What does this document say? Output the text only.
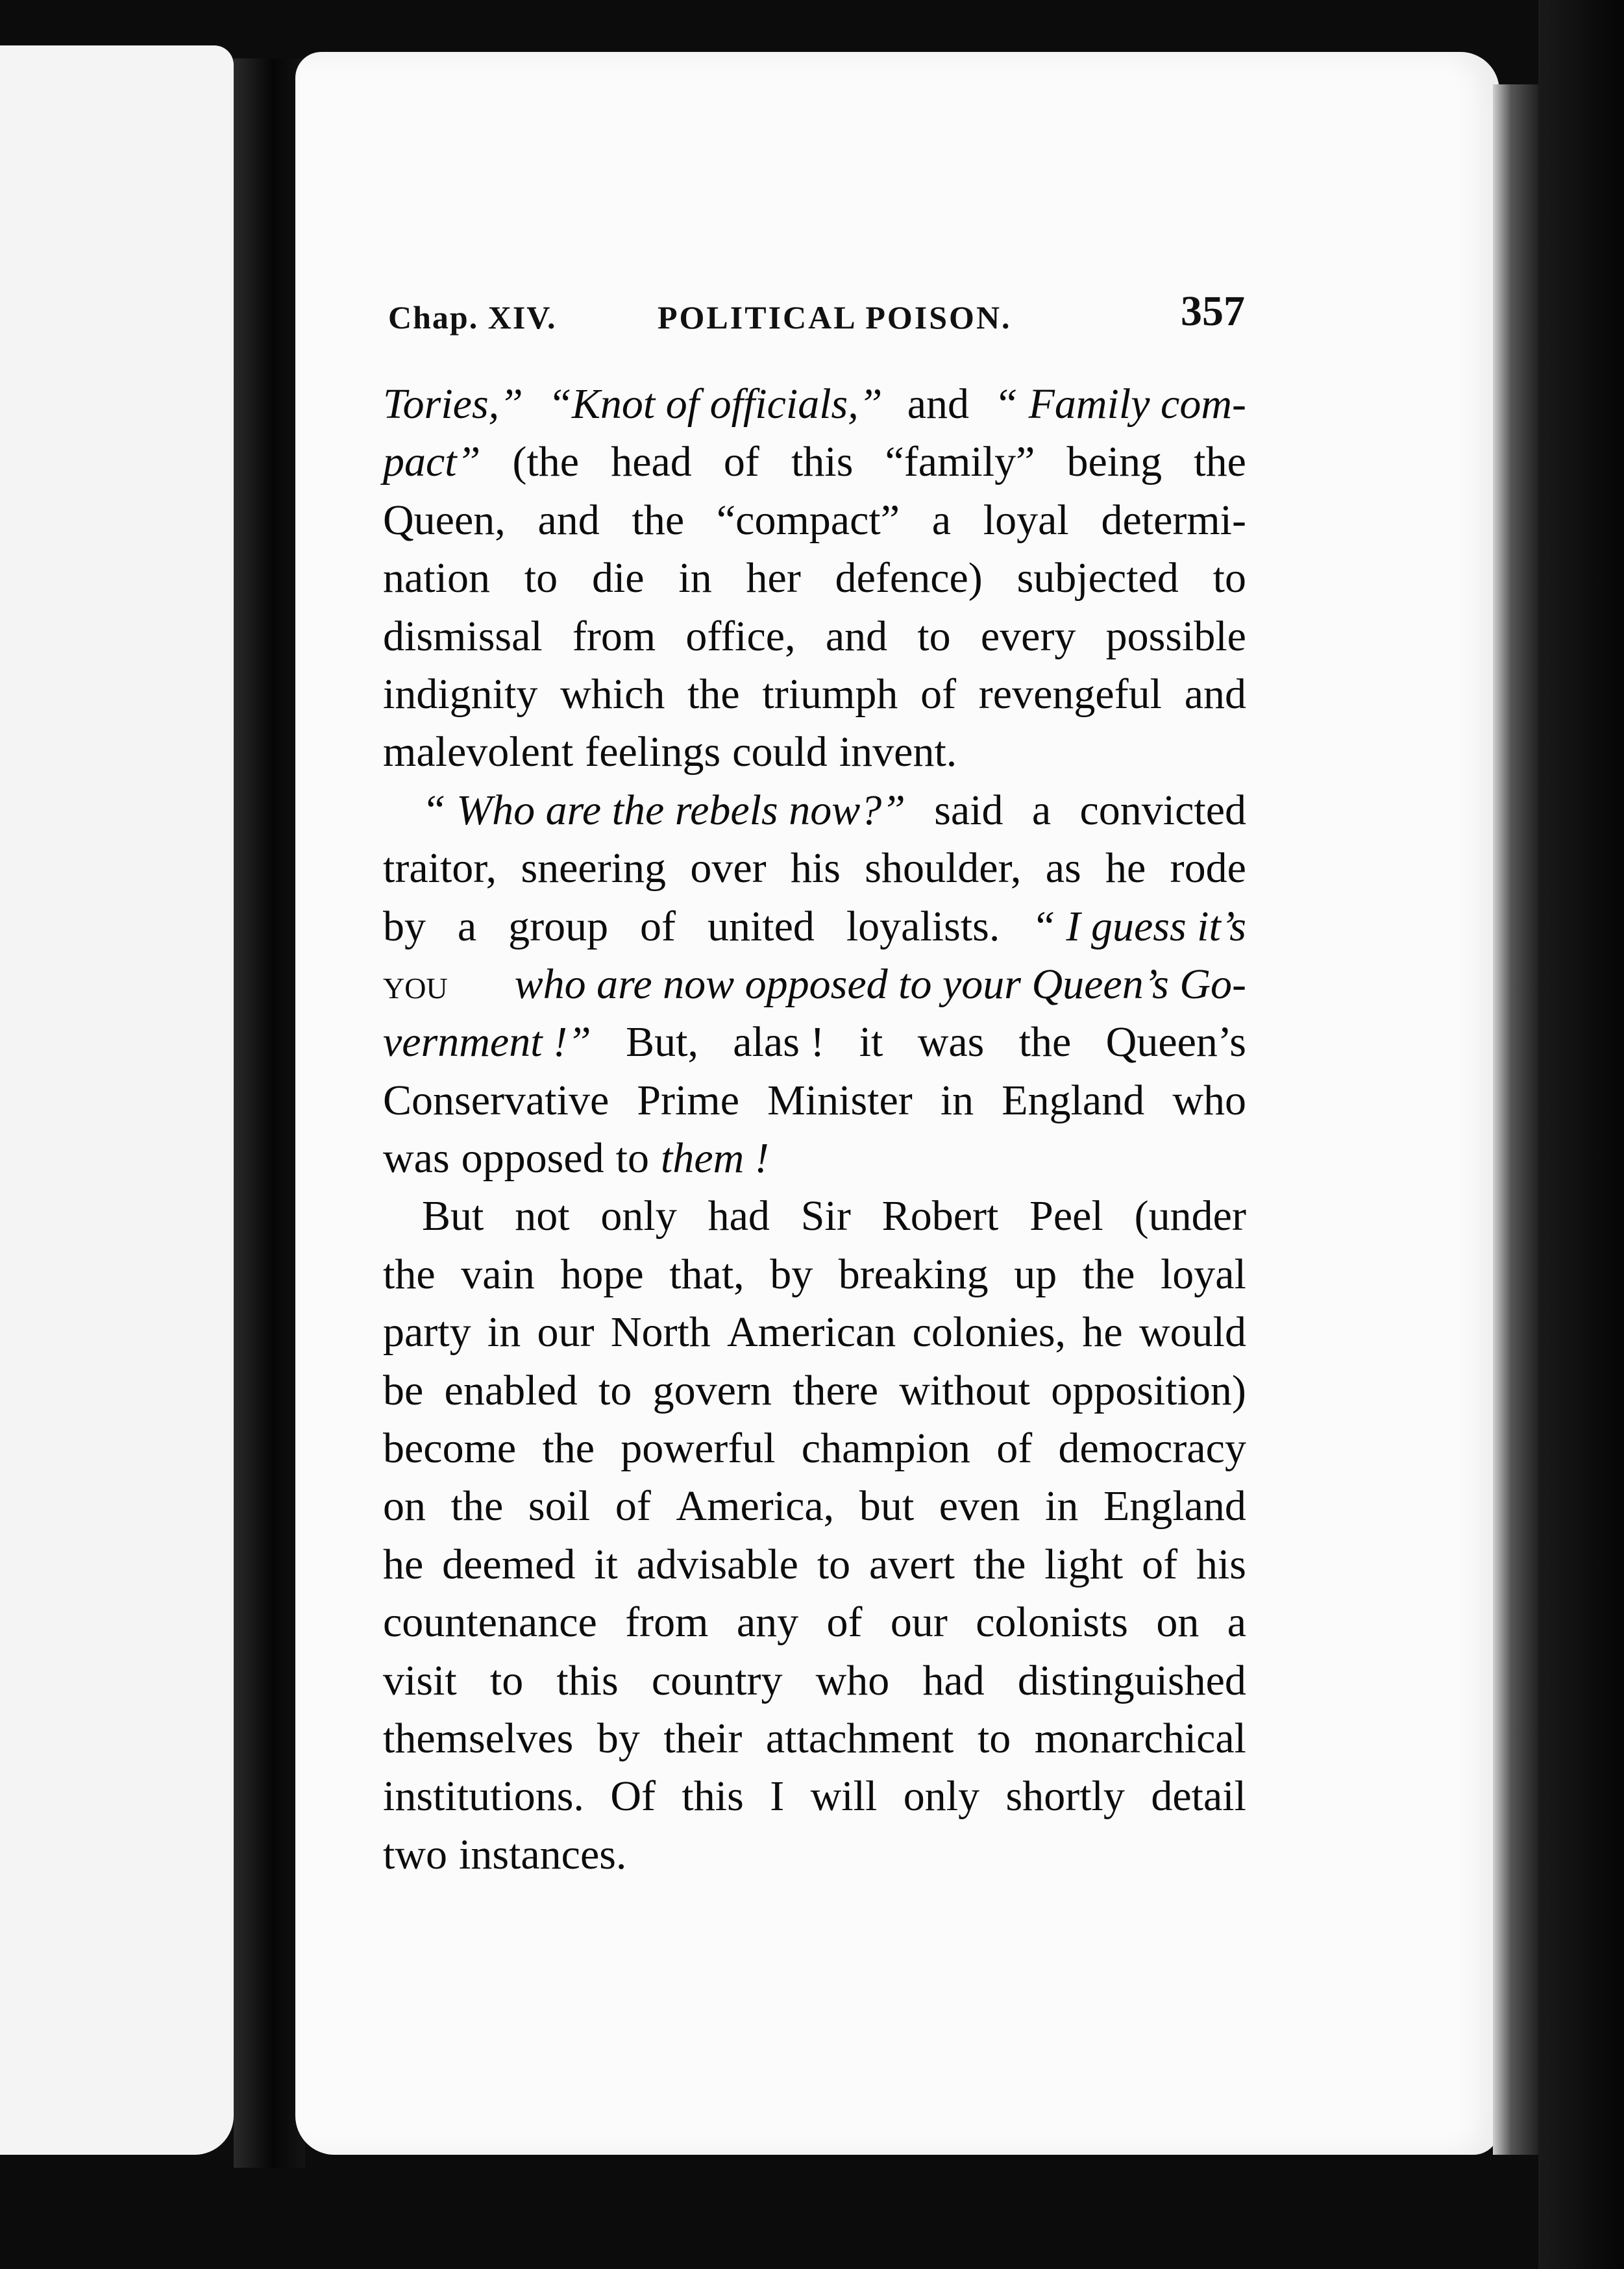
Chap. XIV.	POLITICAL POISON.	357
Tories,” “Knot of officials,” and “ Family com-
pact” (the head of this “family” being the
Queen, and the “compact” a loyal determi-
nation to die in her defence) subjected to
dismissal from office, and to every possible
indignity which the triumph of revengeful and
malevolent feelings could invent.
“ Who are the rebels now?” said a convicted
traitor, sneering over his shoulder, as he rode
by a group of united loyalists. “ I guess it’s
you who are now opposed to your Queen’s Go-
vernment !” But, alas ! it was the Queen’s
Conservative Prime Minister in England who
was opposed to them !
But not only had Sir Robert Peel (under
the vain hope that, by breaking up the loyal
party in our North American colonies, he would
be enabled to govern there without opposition)
become the powerful champion of democracy
on the soil of America, but even in England
he deemed it advisable to avert the light of his
countenance from any of our colonists on a
visit to this country who had distinguished
themselves by their attachment to monarchical
institutions. Of this I will only shortly detail
two instances.
